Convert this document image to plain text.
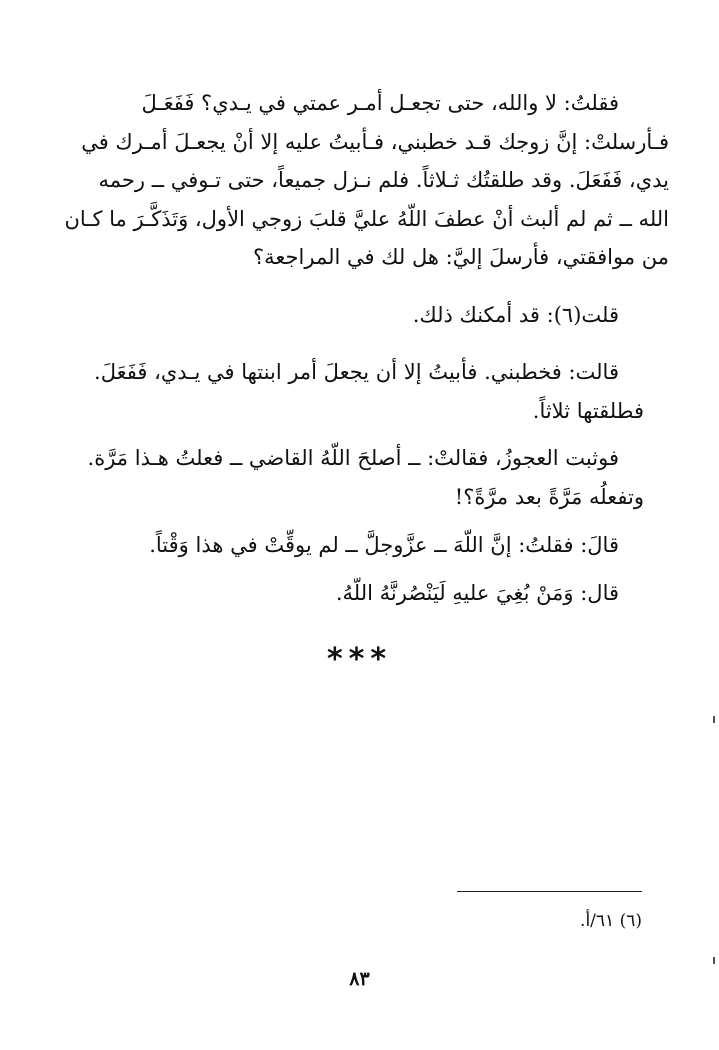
فقلتُ: لا والله، حتى تجعـل أمـر عمتي في يـدي؟ فَفَعَـلَ
فـأرسلتْ: إنَّ زوجك قـد خطبني، فـأبيتُ عليه إلا أنْ يجعـلَ أمـرك في
يدي، فَفَعَلَ. وقد طلقتُك ثـلاثاً. فلم نـزل جميعاً، حتى تـوفي ــ رحمه
الله ــ ثم لم ألبث أنْ عطفَ اللّهُ عليَّ قلبَ زوجي الأول، وَتَذَكَّـرَ ما كـان
من موافقتي، فأرسلَ إليَّ: هل لك في المراجعة؟
قلت(٦): قد أمكنك ذلك.
قالت: فخطبني. فأبيتُ إلا أن يجعلَ أمر ابنتها في يـدي، فَفَعَلَ.
فطلقتها ثلاثاً.
فوثبت العجوزُ، فقالتْ: ــ أصلحَ اللّهُ القاضي ــ فعلتُ هـذا مَرَّة.
وتفعلُه مَرَّةً بعد مرَّةً؟!
قالَ: فقلتُ: إنَّ اللّهَ ــ عزَّوجلَّ ــ لم يوقِّتْ في هذا وَقْتاً.
قال: وَمَنْ بُغِيَ عليهِ لَيَنْصُرنَّهُ اللّهُ.
***
(٦) ٦١/أ.
٨٣
